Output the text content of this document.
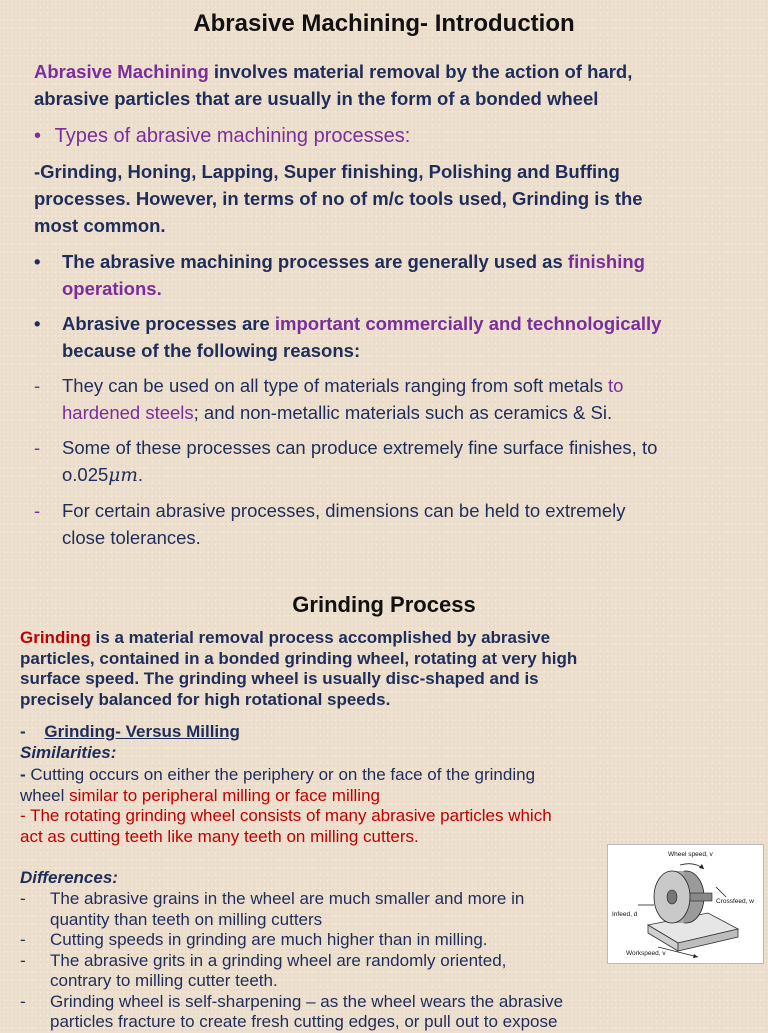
Abrasive Machining- Introduction
Abrasive Machining involves material removal by the action of hard,
abrasive particles that are usually in the form of a bonded wheel
• Types of abrasive machining processes:
-Grinding, Honing, Lapping, Super finishing, Polishing and Buffing
processes. However, in terms of no of m/c tools used, Grinding is the
most common.
•	The abrasive machining processes are generally used as finishing
operations.
•	Abrasive processes are important commercially and technologically
because of the following reasons:
-	They can be used on all type of materials ranging from soft metals to
hardened steels; and non-metallic materials such as ceramics & Si.
-	Some of these processes can produce extremely fine surface finishes, to
o.025μm.
-	For certain abrasive processes, dimensions can be held to extremely
close tolerances.
Grinding Process
Grinding is a material removal process accomplished by abrasive
particles, contained in a bonded grinding wheel, rotating at very high
surface speed. The grinding wheel is usually disc-shaped and is
precisely balanced for high rotational speeds.
- Grinding- Versus Milling
Similarities:
- Cutting occurs on either the periphery or on the face of the grinding
wheel similar to peripheral milling or face milling
- The rotating grinding wheel consists of many abrasive particles which
act as cutting teeth like many teeth on milling cutters.
Differences:
- The abrasive grains in the wheel are much smaller and more in
quantity than teeth on milling cutters
- Cutting speeds in grinding are much higher than in milling.
- The abrasive grits in a grinding wheel are randomly oriented,
contrary to milling cutter teeth.
- Grinding wheel is self-sharpening – as the wheel wears the abrasive
particles fracture to create fresh cutting edges, or pull out to expose
Wheel speed, v
Crossfeed, w
Infeed, d
Workspeed, v
